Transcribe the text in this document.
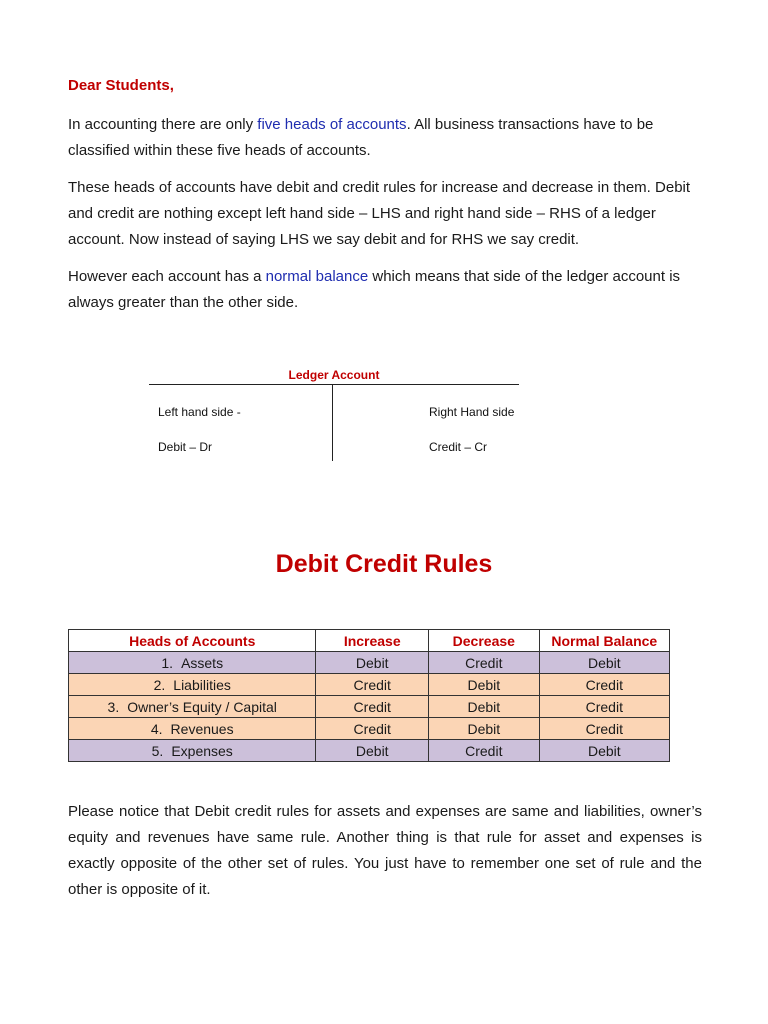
Dear Students,

In accounting there are only five heads of accounts. All business transactions have to be classified within these five heads of accounts.

These heads of accounts have debit and credit rules for increase and decrease in them. Debit and credit are nothing except left hand side – LHS and right hand side – RHS of a ledger account. Now instead of saying LHS we say debit and for RHS we say credit.

However each account has a normal balance which means that side of the ledger account is always greater than the other side.

Ledger Account
Left hand side -
Debit – Dr
Right Hand side
Credit – Cr
Debit Credit Rules
Heads of Accounts	Increase	Decrease	Normal Balance
1. Assets	Debit	Credit	Debit
2. Liabilities	Credit	Debit	Credit
3. Owner’s Equity / Capital	Credit	Debit	Credit
4. Revenues	Credit	Debit	Credit
5. Expenses	Debit	Credit	Debit

Please notice that Debit credit rules for assets and expenses are same and liabilities, owner’s equity and revenues have same rule. Another thing is that rule for asset and expenses is exactly opposite of the other set of rules. You just have to remember one set of rule and the other is opposite of it.
